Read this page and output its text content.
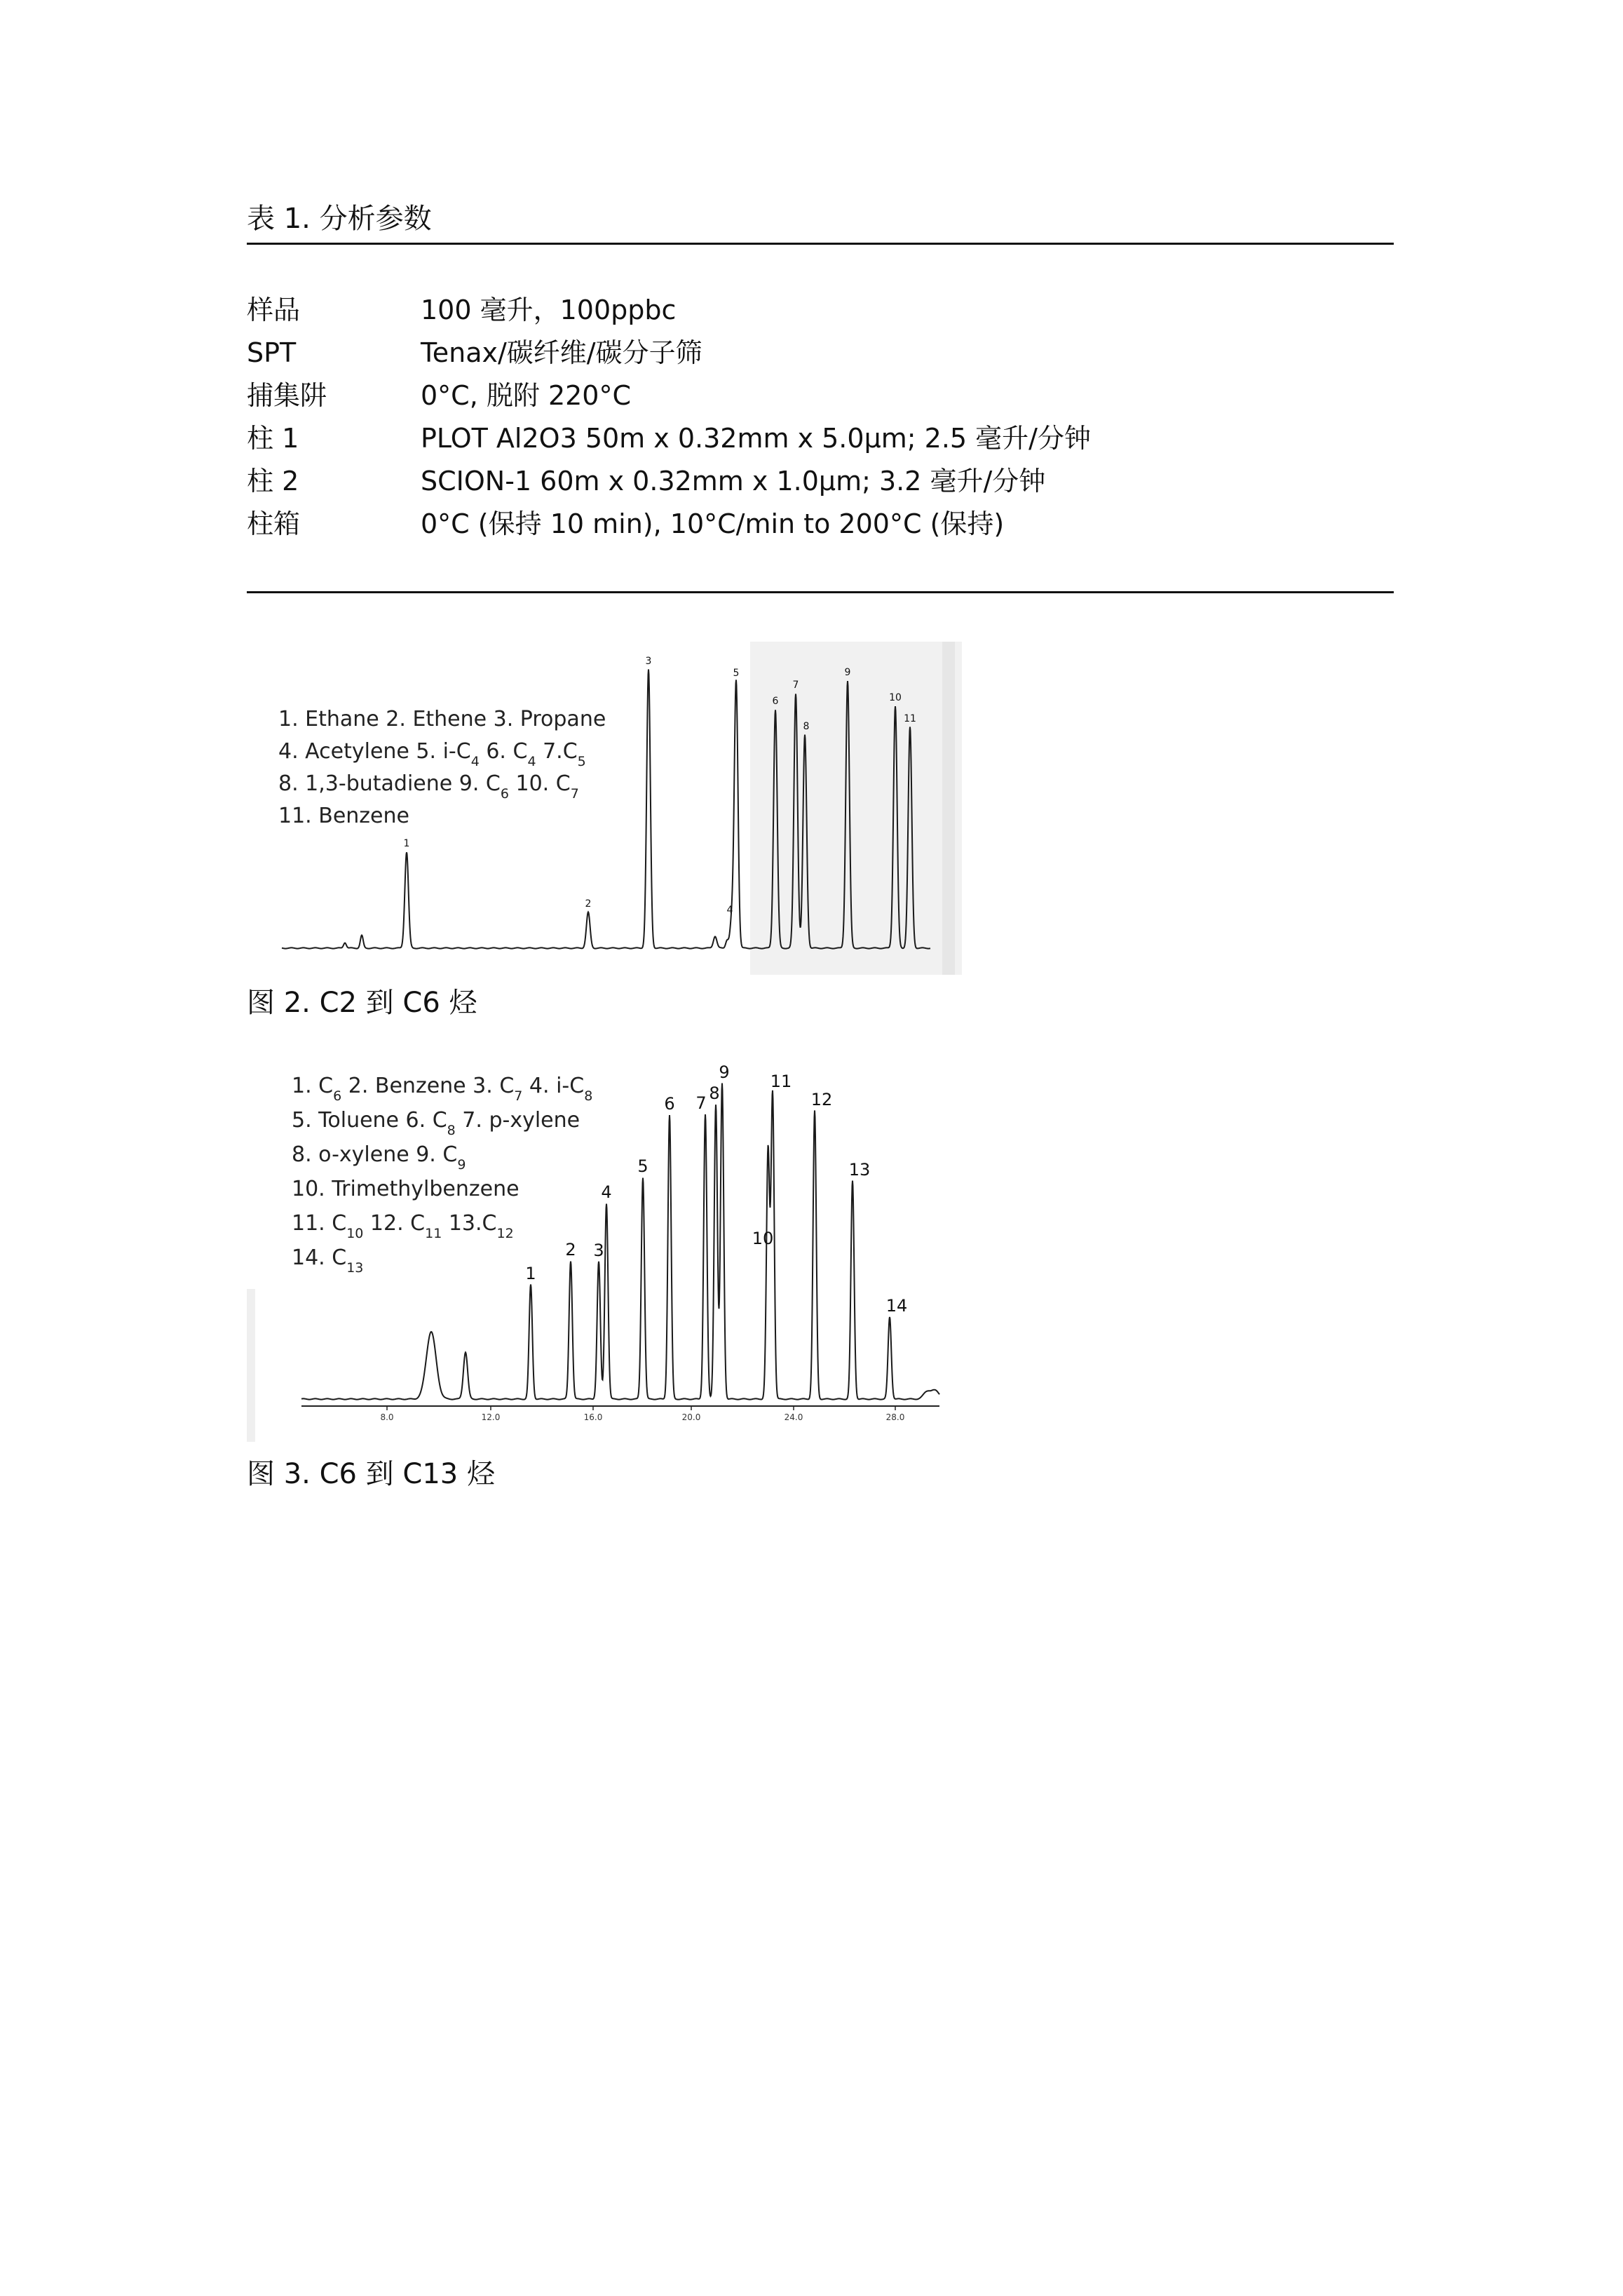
表 1. 分析参数
样品	100 毫升，100ppbc
SPT	Tenax/碳纤维/碳分子筛
捕集阱	0°C, 脱附 220°C
柱 1	PLOT Al2O3 50m x 0.32mm x 5.0µm; 2.5 毫升/分钟
柱 2	SCION-1 60m x 0.32mm x 1.0µm; 3.2 毫升/分钟
柱箱	0°C (保持 10 min), 10°C/min to 200°C (保持)
1. Ethane 2. Ethene 3. Propane
4. Acetylene 5. $i-C_4$ 6. $C_4$ $7.C_5$
8. 1,3-butadiene 9. $C_6$ 10. $C_7$
11. Benzene
1
2
3
4
5
6
7
8
9
10
11
图 2. C2 到 C6 烃
1. $C_6$ 2. Benzene 3. $C_7$ 4. $i-C_8$
5. Toluene 6. $C_8$ 7. p-xylene
8. o-xylene 9. $C_9$
10. Trimethylbenzene
11. $C_{10}$ 12. $C_{11}$ $13.C_{12}$
14. $C_{13}$	1
2 3
4
5
6 7 8
9
10
11
12
13
14
8.0	12.0	16.0	20.0	24.0	28.0
图 3. C6 到 C13 烃
